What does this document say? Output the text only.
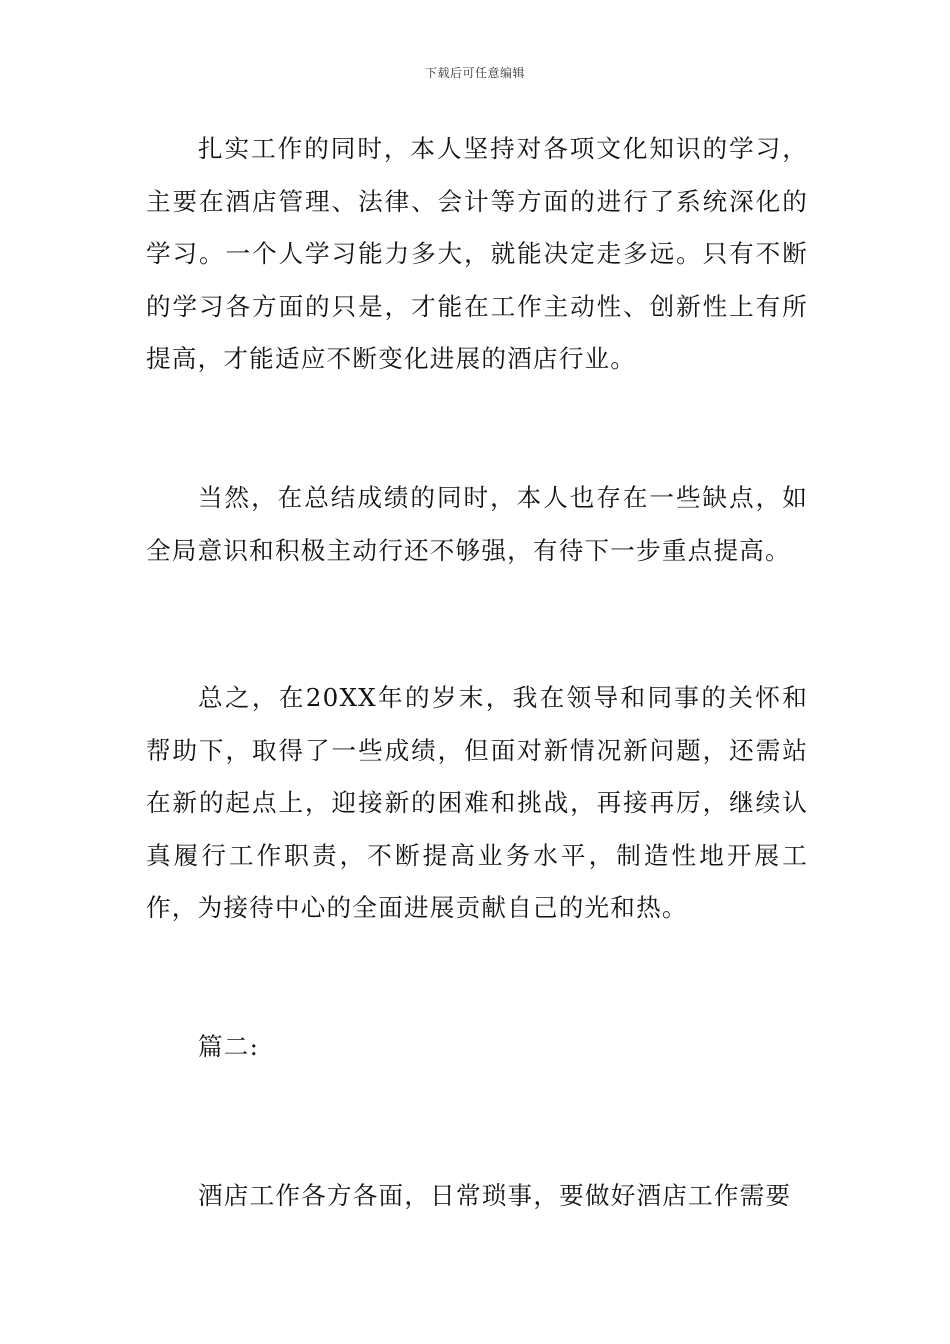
下载后可任意编辑

扎实工作的同时，本人坚持对各项文化知识的学习，主要在酒店管理、法律、会计等方面的进行了系统深化的学习。一个人学习能力多大，就能决定走多远。只有不断的学习各方面的只是，才能在工作主动性、创新性上有所提高，才能适应不断变化进展的酒店行业。

当然，在总结成绩的同时，本人也存在一些缺点，如全局意识和积极主动行还不够强，有待下一步重点提高。

总之，在20XX年的岁末，我在领导和同事的关怀和帮助下，取得了一些成绩，但面对新情况新问题，还需站在新的起点上，迎接新的困难和挑战，再接再厉，继续认真履行工作职责，不断提高业务水平，制造性地开展工作，为接待中心的全面进展贡献自己的光和热。

篇二:

酒店工作各方各面，日常琐事，要做好酒店工作需要
